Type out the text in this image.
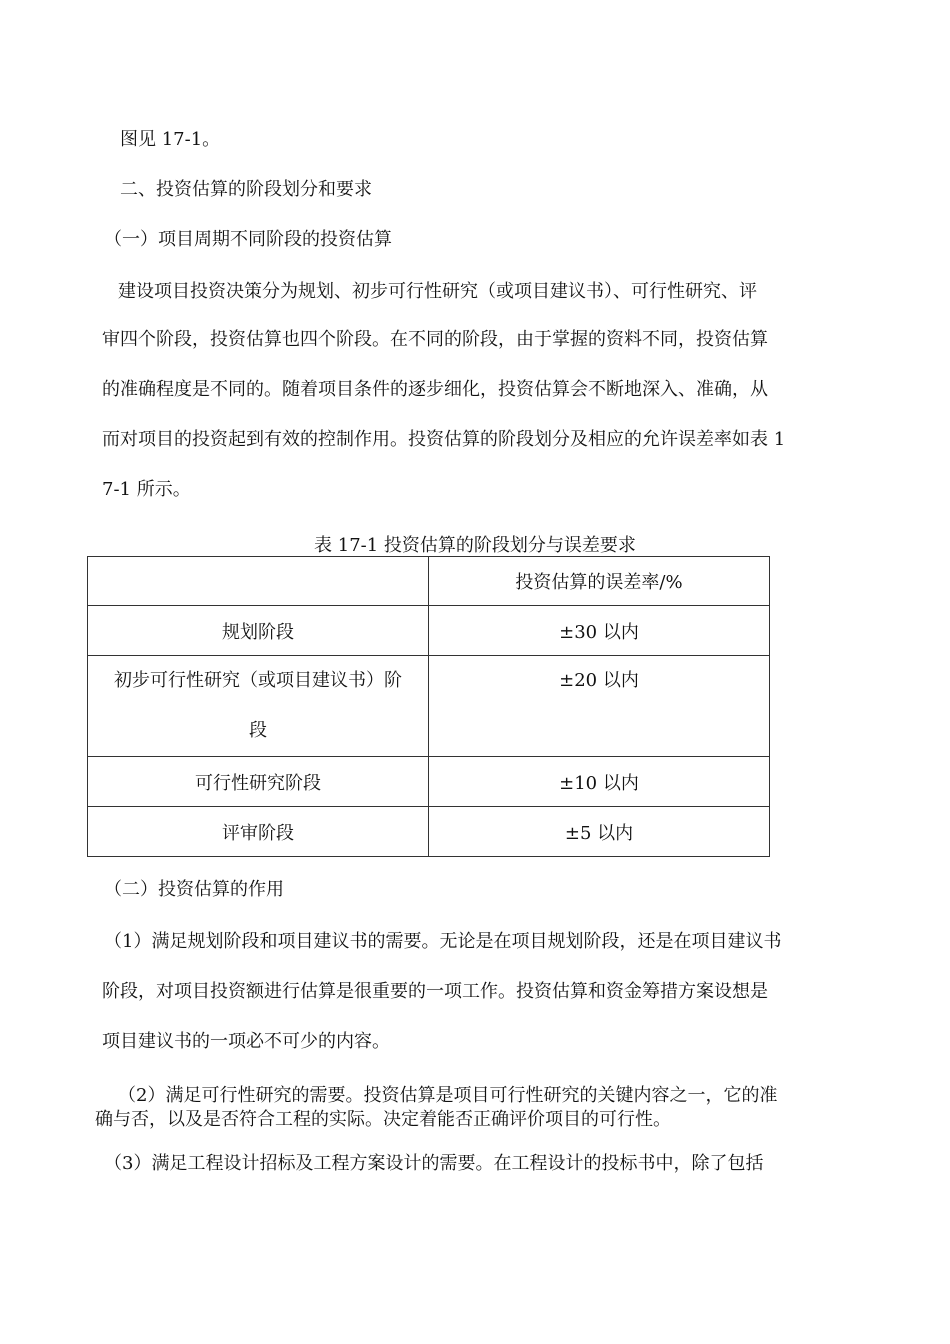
图见 17-1。
二、投资估算的阶段划分和要求
（一）项目周期不同阶段的投资估算
建设项目投资决策分为规划、初步可行性研究（或项目建议书）、可行性研究、评
审四个阶段，投资估算也四个阶段。在不同的阶段，由于掌握的资料不同，投资估算
的准确程度是不同的。随着项目条件的逐步细化，投资估算会不断地深入、准确，从
而对项目的投资起到有效的控制作用。投资估算的阶段划分及相应的允许误差率如表 1
7-1 所示。
表 17-1 投资估算的阶段划分与误差要求
	投资估算的误差率/%
规划阶段	±30 以内

初步可行性研究（或项目建议书）阶
段	±20 以内
可行性研究阶段	±10 以内
评审阶段	±5 以内
（二）投资估算的作用
（1）满足规划阶段和项目建议书的需要。无论是在项目规划阶段，还是在项目建议书
阶段，对项目投资额进行估算是很重要的一项工作。投资估算和资金筹措方案设想是
项目建议书的一项必不可少的内容。
（2）满足可行性研究的需要。投资估算是项目可行性研究的关键内容之一，它的准
确与否，以及是否符合工程的实际。决定着能否正确评价项目的可行性。
（3）满足工程设计招标及工程方案设计的需要。在工程设计的投标书中，除了包括
